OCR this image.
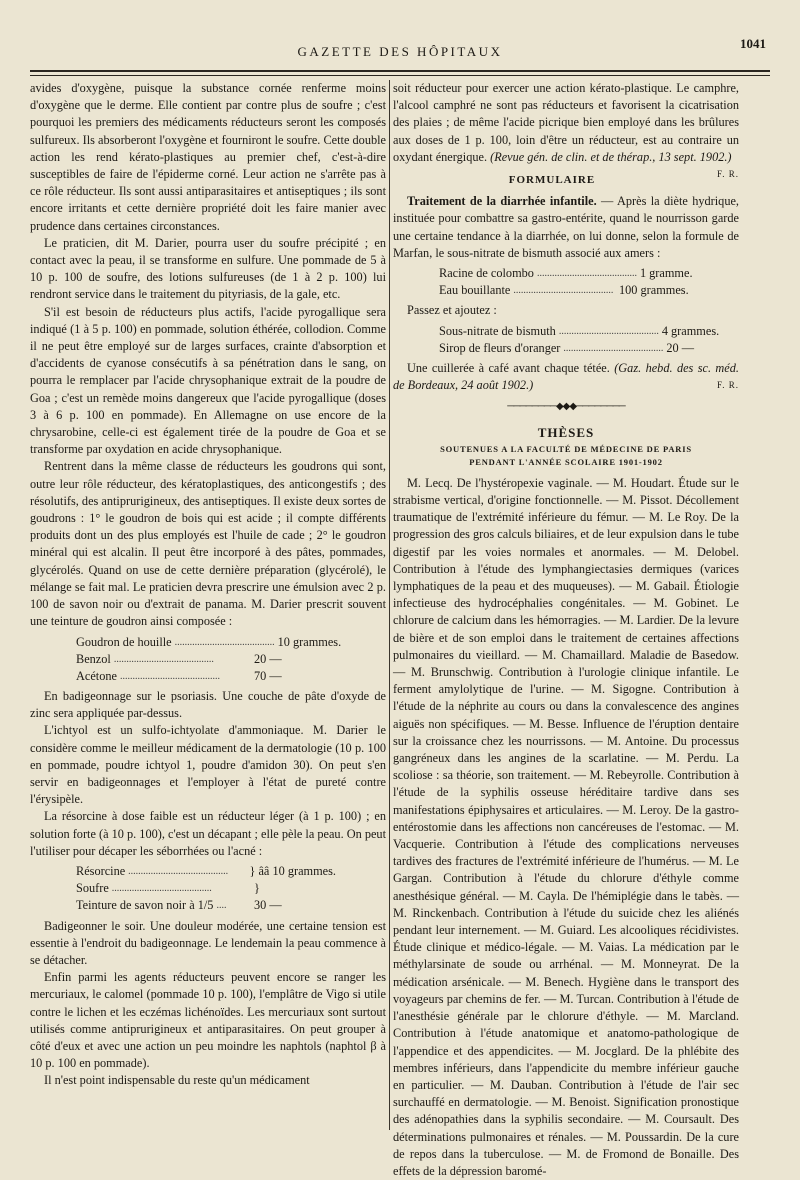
GAZETTE DES HÔPITAUX
1041

avides d'oxygène, puisque la substance cornée renferme moins d'oxygène que le derme. Elle contient par contre plus de soufre ; c'est pourquoi les premiers des médicaments réducteurs seront les composés sulfureux. Ils absorberont l'oxygène et fourniront le soufre. Cette double action les rend kérato-plastiques au premier chef, c'est-à-dire susceptibles de faire de l'épiderme corné. Leur action ne s'arrête pas à ce rôle réducteur. Ils sont aussi antiparasitaires et antiseptiques ; ils sont encore irritants et cette dernière propriété doit les faire manier avec prudence dans certaines circonstances.

Le praticien, dit M. Darier, pourra user du soufre précipité ; en contact avec la peau, il se transforme en sulfure. Une pommade de 5 à 10 p. 100 de soufre, des lotions sulfureuses (de 1 à 2 p. 100) lui rendront service dans le traitement du pityriasis, de la gale, etc.

S'il est besoin de réducteurs plus actifs, l'acide pyrogallique sera indiqué (1 à 5 p. 100) en pommade, solution éthérée, collodion. Comme il ne peut être employé sur de larges surfaces, crainte d'absorption et d'accidents de cyanose consécutifs à sa pénétration dans le sang, on pourra le remplacer par l'acide chrysophanique extrait de la poudre de Goa ; c'est un remède moins dangereux que l'acide pyrogallique (doses 3 à 6 p. 100 en pommade). En Allemagne on use encore de la chrysarobine, celle-ci est également tirée de la poudre de Goa et se transforme par oxydation en acide chrysophanique.

Rentrent dans la même classe de réducteurs les goudrons qui sont, outre leur rôle réducteur, des kératoplastiques, des anticongestifs ; des résolutifs, des antiprurigineux, des antiseptiques. Il existe deux sortes de goudrons : 1° le goudron de bois qui est acide ; il compte différents produits dont un des plus employés est l'huile de cade ; 2° le goudron minéral qui est alcalin. Il peut être incorporé à des pâtes, pommades, glycérolés. Quand on use de cette dernière préparation (glycérolé), le mélange se fait mal. Le praticien devra prescrire une émulsion avec 2 p. 100 de savon noir ou d'extrait de panama. M. Darier prescrit souvent une teinture de goudron ainsi composée :

Goudron de houille ........................................ 10 grammes.
Benzol ........................................	20 —
Acétone ........................................	70 —

En badigeonnage sur le psoriasis. Une couche de pâte d'oxyde de zinc sera appliquée par-dessus.

L'ichtyol est un sulfo-ichtyolate d'ammoniaque. M. Darier le considère comme le meilleur médicament de la dermatologie (10 p. 100 en pommade, poudre ichtyol 1, poudre d'amidon 30). On peut s'en servir en badigeonnages et l'employer à l'état de pureté contre l'érysipèle.

La résorcine à dose faible est un réducteur léger (à 1 p. 100) ; en solution forte (à 10 p. 100), c'est un décapant ; elle pèle la peau. On peut l'utiliser pour décaper les séborrhées ou l'acné :

Résorcine ........................................	} ââ 10 grammes.
Soufre ........................................	}
Teinture de savon noir à 1/5 ....	30 —

Badigeonner le soir. Une douleur modérée, une certaine tension est essentie à l'endroit du badigeonnage. Le lendemain la peau commence à se détacher.

Enfin parmi les agents réducteurs peuvent encore se ranger les mercuriaux, le calomel (pommade 10 p. 100), l'emplâtre de Vigo si utile contre le lichen et les eczémas lichénoïdes. Les mercuriaux sont surtout utilisés comme antiprurigineux et antiparasitaires. On peut grouper à côté d'eux et avec une action un peu moindre les naphtols (naphtol β à 10 p. 100 en pommade).

Il n'est point indispensable du reste qu'un médicament

soit réducteur pour exercer une action kérato-plastique. Le camphre, l'alcool camphré ne sont pas réducteurs et favorisent la cicatrisation des plaies ; de même l'acide picrique bien employé dans les brûlures aux doses de 1 p. 100, loin d'être un réducteur, est au contraire un oxydant énergique. (Revue gén. de clin. et de thérap., 13 sept. 1902.)
F. R.

FORMULAIRE

Traitement de la diarrhée infantile. — Après la diète hydrique, instituée pour combattre sa gastro-entérite, quand le nourrisson garde une certaine tendance à la diarrhée, on lui donne, selon la formule de Marfan, le sous-nitrate de bismuth associé aux amers :

Racine de colombo ........................................ 1 gramme.
Eau bouillante ........................................ 100 grammes.

Passez et ajoutez :

Sous-nitrate de bismuth ........................................ 4 grammes.
Sirop de fleurs d'oranger ........................................ 20 —

Une cuillerée à café avant chaque tétée. (Gaz. hebd. des sc. méd. de Bordeaux, 24 août 1902.)	F. R.

────────◆◆◆────────
THÈSES
SOUTENUES A LA FACULTÉ DE MÉDECINE DE PARIS
PENDANT L'ANNÉE SCOLAIRE 1901-1902

M. Lecq. De l'hystéropexie vaginale. — M. Houdart. Étude sur le strabisme vertical, d'origine fonctionnelle. — M. Pissot. Décollement traumatique de l'extrémité inférieure du fémur. — M. Le Roy. De la progression des gros calculs biliaires, et de leur expulsion dans le tube digestif par les voies normales et anormales. — M. Delobel. Contribution à l'étude des lymphangiectasies dermiques (varices lymphatiques de la peau et des muqueuses). — M. Gabail. Étiologie infectieuse des hydrocéphalies congénitales. — M. Gobinet. Le chlorure de calcium dans les hémorragies. — M. Lardier. De la levure de bière et de son emploi dans le traitement de certaines affections pulmonaires du vieillard. — M. Chamaillard. Maladie de Basedow. — M. Brunschwig. Contribution à l'urologie clinique infantile. Le ferment amylolytique de l'urine. — M. Sigogne. Contribution à l'étude de la néphrite au cours ou dans la convalescence des angines aiguës non spécifiques. — M. Besse. Influence de l'éruption dentaire sur la croissance chez les nourrissons. — M. Antoine. Du processus gangréneux dans les angines de la scarlatine. — M. Perdu. La scoliose : sa théorie, son traitement. — M. Rebeyrolle. Contribution à l'étude de la syphilis osseuse héréditaire tardive dans ses manifestations épiphysaires et articulaires. — M. Leroy. De la gastro-entérostomie dans les affections non cancéreuses de l'estomac. — M. Vacquerie. Contribution à l'étude des complications nerveuses tardives des fractures de l'extrémité inférieure de l'humérus. — M. Le Gargan. Contribution à l'étude du chlorure d'éthyle comme anesthésique général. — M. Cayla. De l'hémiplégie dans le tabès. — M. Rinckenbach. Contribution à l'étude du suicide chez les aliénés pendant leur internement. — M. Guiard. Les alcooliques récidivistes. Étude clinique et médico-légale. — M. Vaias. La médication par le méthylarsinate de soude ou arrhénal. — M. Monneyrat. De la médication arsénicale. — M. Benech. Hygiène dans le transport des voyageurs par chemins de fer. — M. Turcan. Contribution à l'étude de l'anesthésie générale par le chlorure d'éthyle. — M. Marcland. Contribution à l'étude anatomique et anatomo-pathologique de l'appendice et des appendicites. — M. Jocglard. De la phlébite des membres inférieurs, dans l'appendicite du membre inférieur gauche en particulier. — M. Dauban. Contribution à l'étude de l'air sec surchauffé en dermatologie. — M. Benoist. Signification pronostique des adénopathies dans la syphilis secondaire. — M. Coursault. Des déterminations pulmonaires et rénales. — M. Poussardin. De la cure de repos dans la tuberculose. — M. de Fromond de Bonaille. Des effets de la dépression baromé-
